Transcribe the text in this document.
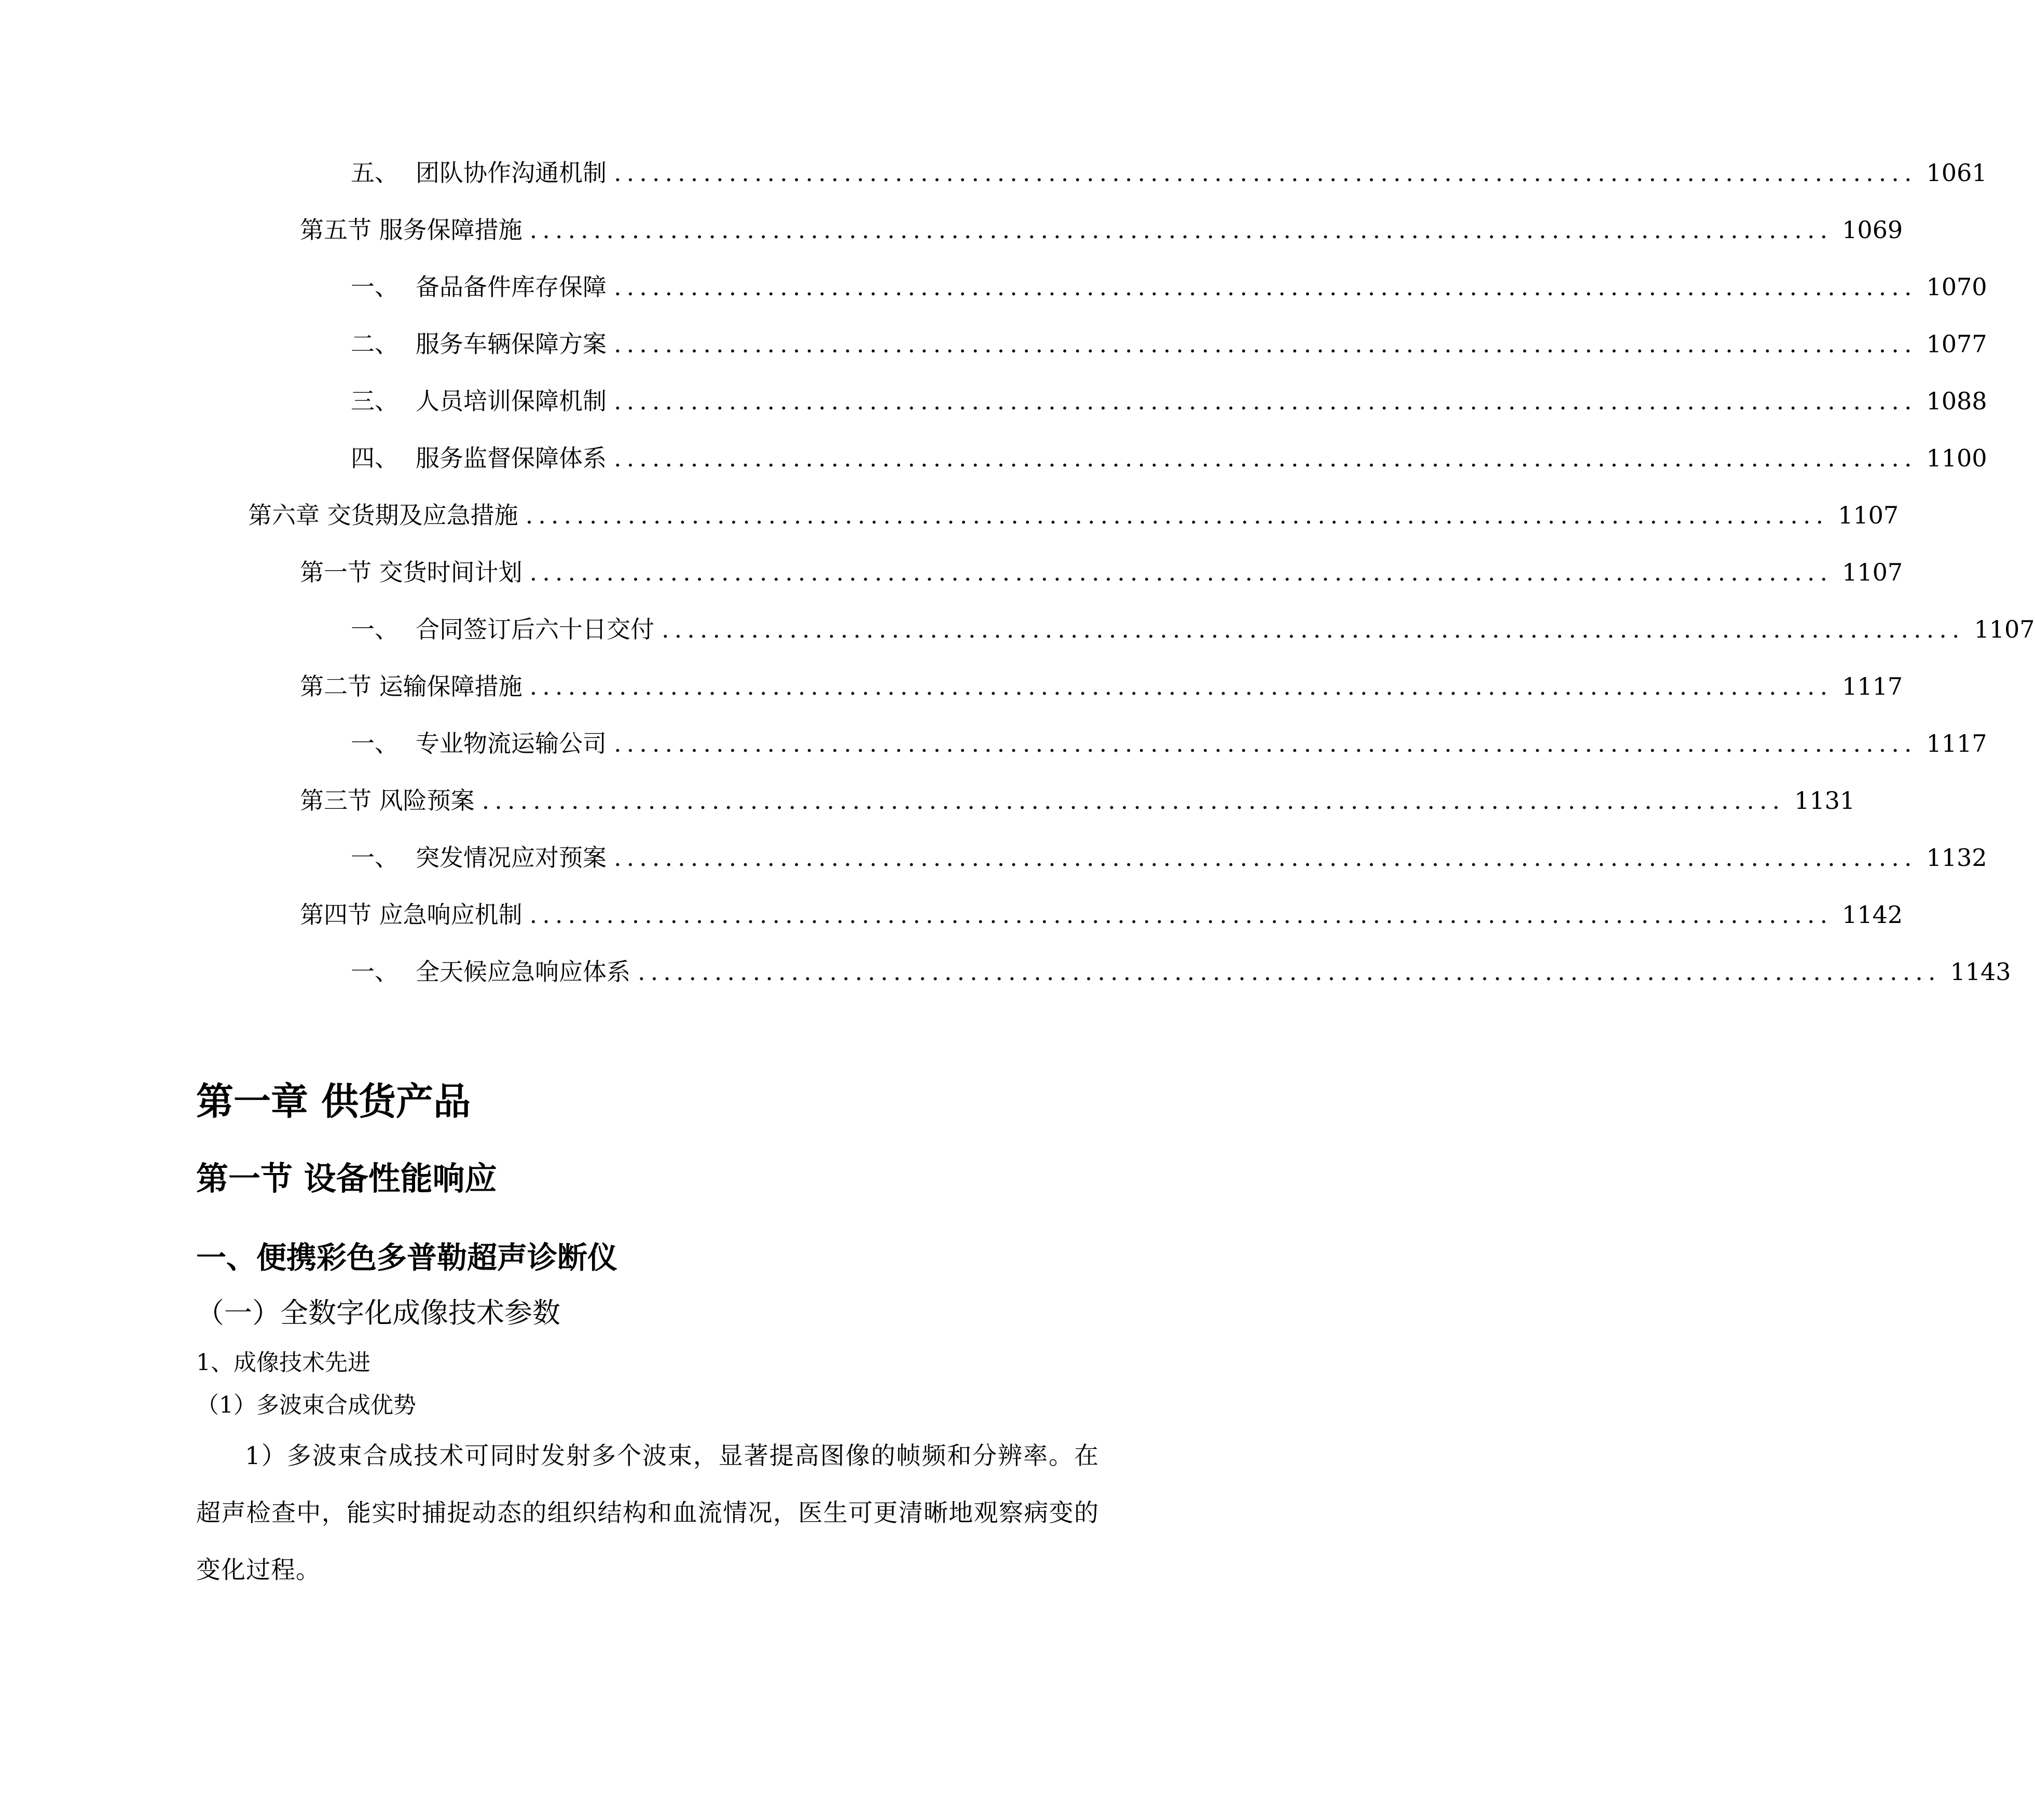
五、 团队协作沟通机制 ...................................................................................................... 1061
第五节 服务保障措施 ...................................................................................................... 1069
一、 备品备件库存保障 ...................................................................................................... 1070
二、 服务车辆保障方案 ...................................................................................................... 1077
三、 人员培训保障机制 ...................................................................................................... 1088
四、 服务监督保障体系 ...................................................................................................... 1100
第六章 交货期及应急措施 ...................................................................................................... 1107
第一节 交货时间计划 ...................................................................................................... 1107
一、 合同签订后六十日交付 ...................................................................................................... 1107
第二节 运输保障措施 ...................................................................................................... 1117
一、 专业物流运输公司 ...................................................................................................... 1117
第三节 风险预案 ...................................................................................................... 1131
一、 突发情况应对预案 ...................................................................................................... 1132
第四节 应急响应机制 ...................................................................................................... 1142
一、 全天候应急响应体系 ...................................................................................................... 1143
第一章 供货产品
第一节 设备性能响应
一、便携彩色多普勒超声诊断仪
（一）全数字化成像技术参数
1、成像技术先进
（1）多波束合成优势
1）多波束合成技术可同时发射多个波束，显著提高图像的帧频和分辨率。在超声检查中，能实时捕捉动态的组织结构和血流情况，医生可更清晰地观察病变的变化过程。
